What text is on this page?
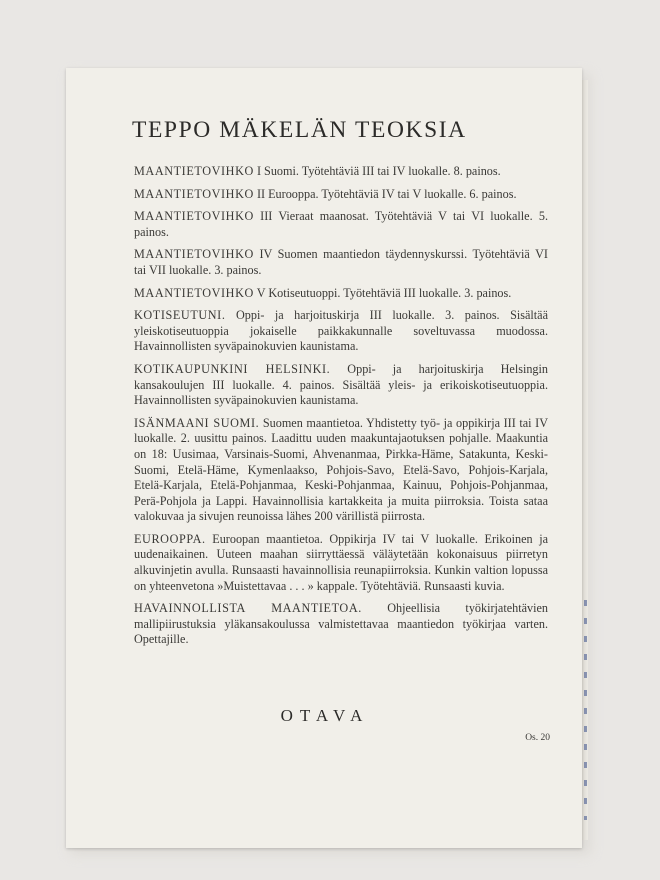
TEPPO MÄKELÄN TEOKSIA

MAANTIETOVIHKO I Suomi. Työtehtäviä III tai IV luokalle. 8. painos.

MAANTIETOVIHKO II Eurooppa. Työtehtäviä IV tai V luokalle. 6. painos.

MAANTIETOVIHKO III Vieraat maanosat. Työtehtäviä V tai VI luokalle. 5. painos.

MAANTIETOVIHKO IV Suomen maantiedon täydennyskurssi. Työtehtäviä VI tai VII luokalle. 3. painos.

MAANTIETOVIHKO V Kotiseutuoppi. Työtehtäviä III luokalle. 3. painos.

KOTISEUTUNI. Oppi- ja harjoituskirja III luokalle. 3. painos. Sisältää yleiskotiseutuoppia jokaiselle paikkakunnalle soveltuvassa muodossa. Havainnollisten syväpainokuvien kaunistama.

KOTIKAUPUNKINI HELSINKI. Oppi- ja harjoituskirja Helsingin kansakoulujen III luokalle. 4. painos. Sisältää yleis- ja erikoiskotiseutuoppia. Havainnollisten syväpainokuvien kaunistama.

ISÄNMAANI SUOMI. Suomen maantietoa. Yhdistetty työ- ja oppikirja III tai IV luokalle. 2. uusittu painos. Laadittu uuden maakuntajaotuksen pohjalle. Maakuntia on 18: Uusimaa, Varsinais-Suomi, Ahvenanmaa, Pirkka-Häme, Satakunta, Keski-Suomi, Etelä-Häme, Kymenlaakso, Pohjois-Savo, Etelä-Savo, Pohjois-Karjala, Etelä-Karjala, Etelä-Pohjanmaa, Keski-Pohjanmaa, Kainuu, Pohjois-Pohjanmaa, Perä-Pohjola ja Lappi. Havainnollisia kartakkeita ja muita piirroksia. Toista sataa valokuvaa ja sivujen reunoissa lähes 200 värillistä piirrosta.

EUROOPPA. Euroopan maantietoa. Oppikirja IV tai V luokalle. Erikoinen ja uudenaikainen. Uuteen maahan siirryttäessä väläytetään kokonaisuus piirretyn alkuvinjetin avulla. Runsaasti havainnollisia reunapiirroksia. Kunkin valtion lopussa on yhteenvetona »Muistettavaa . . . » kappale. Työtehtäviä. Runsaasti kuvia.

HAVAINNOLLISTA MAANTIETOA. Ohjeellisia työkirjatehtävien mallipiirustuksia yläkansakoulussa valmistettavaa maantiedon työkirjaa varten. Opettajille.

OTAVA
Os. 20
